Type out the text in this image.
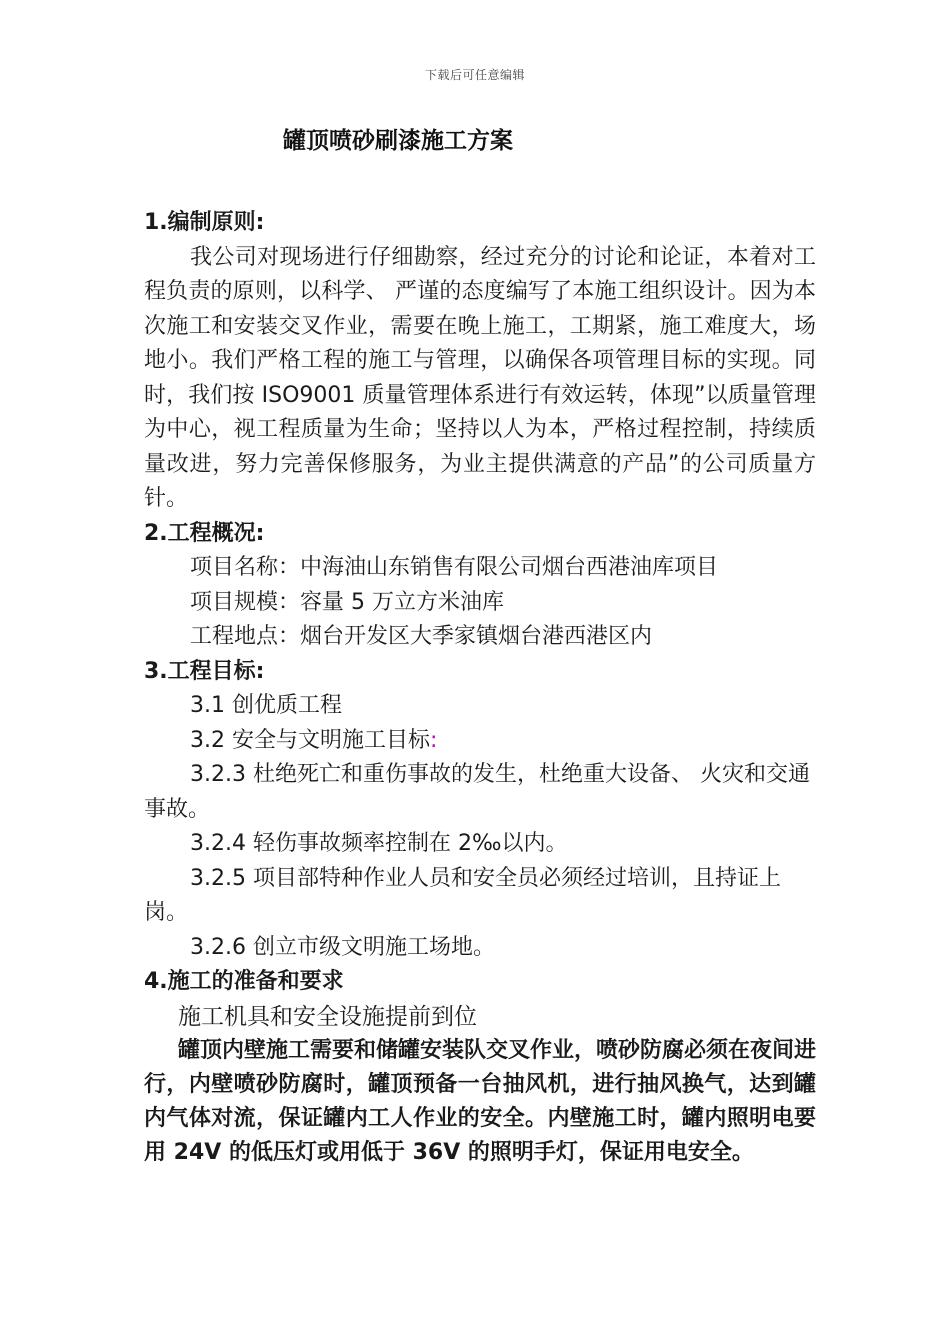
下载后可任意编辑
罐顶喷砂刷漆施工方案

1.编制原则:

我公司对现场进行仔细勘察，经过充分的讨论和论证，本着对工程负责的原则，以科学、 严谨的态度编写了本施工组织设计。因为本次施工和安装交叉作业，需要在晚上施工，工期紧，施工难度大，场地小。我们严格工程的施工与管理，以确保各项管理目标的实现。同时，我们按 ISO9001 质量管理体系进行有效运转，体现”以质量管理为中心，视工程质量为生命；坚持以人为本，严格过程控制，持续质量改进，努力完善保修服务，为业主提供满意的产品”的公司质量方针。

2.工程概况:

项目名称：中海油山东销售有限公司烟台西港油库项目

项目规模：容量 5 万立方米油库

工程地点：烟台开发区大季家镇烟台港西港区内

3.工程目标:

3.1 创优质工程

3.2 安全与文明施工目标:

3.2.3 杜绝死亡和重伤事故的发生，杜绝重大设备、 火灾和交通事故。

3.2.4 轻伤事故频率控制在 2‰以内。

3.2.5 项目部特种作业人员和安全员必须经过培训，且持证上岗。

3.2.6 创立市级文明施工场地。

4.施工的准备和要求

施工机具和安全设施提前到位

罐顶内壁施工需要和储罐安装队交叉作业，喷砂防腐必须在夜间进行，内壁喷砂防腐时，罐顶预备一台抽风机，进行抽风换气，达到罐内气体对流，保证罐内工人作业的安全。内壁施工时，罐内照明电要用 24V 的低压灯或用低于 36V 的照明手灯，保证用电安全。
